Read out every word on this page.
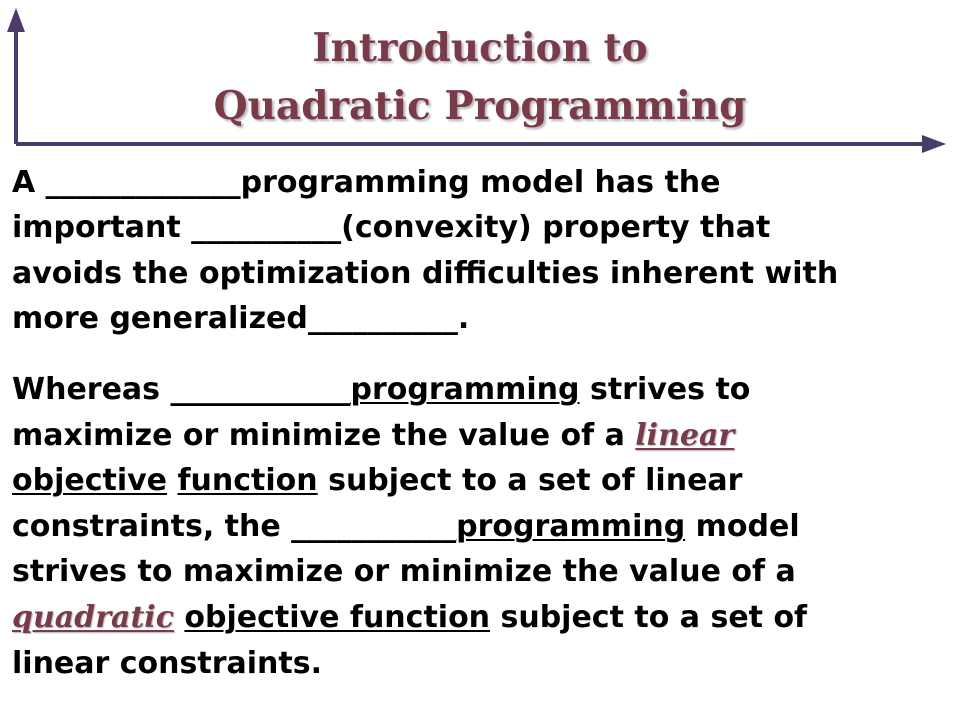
Introduction to
Quadratic Programming
A _____________programming model has the
important __________(convexity) property that
avoids the optimization difficulties inherent with
more generalized__________.
Whereas ____________programming strives to
maximize or minimize the value of a linear
objective function subject to a set of linear
constraints, the ___________programming model
strives to maximize or minimize the value of a
quadratic objective function subject to a set of
linear constraints.
